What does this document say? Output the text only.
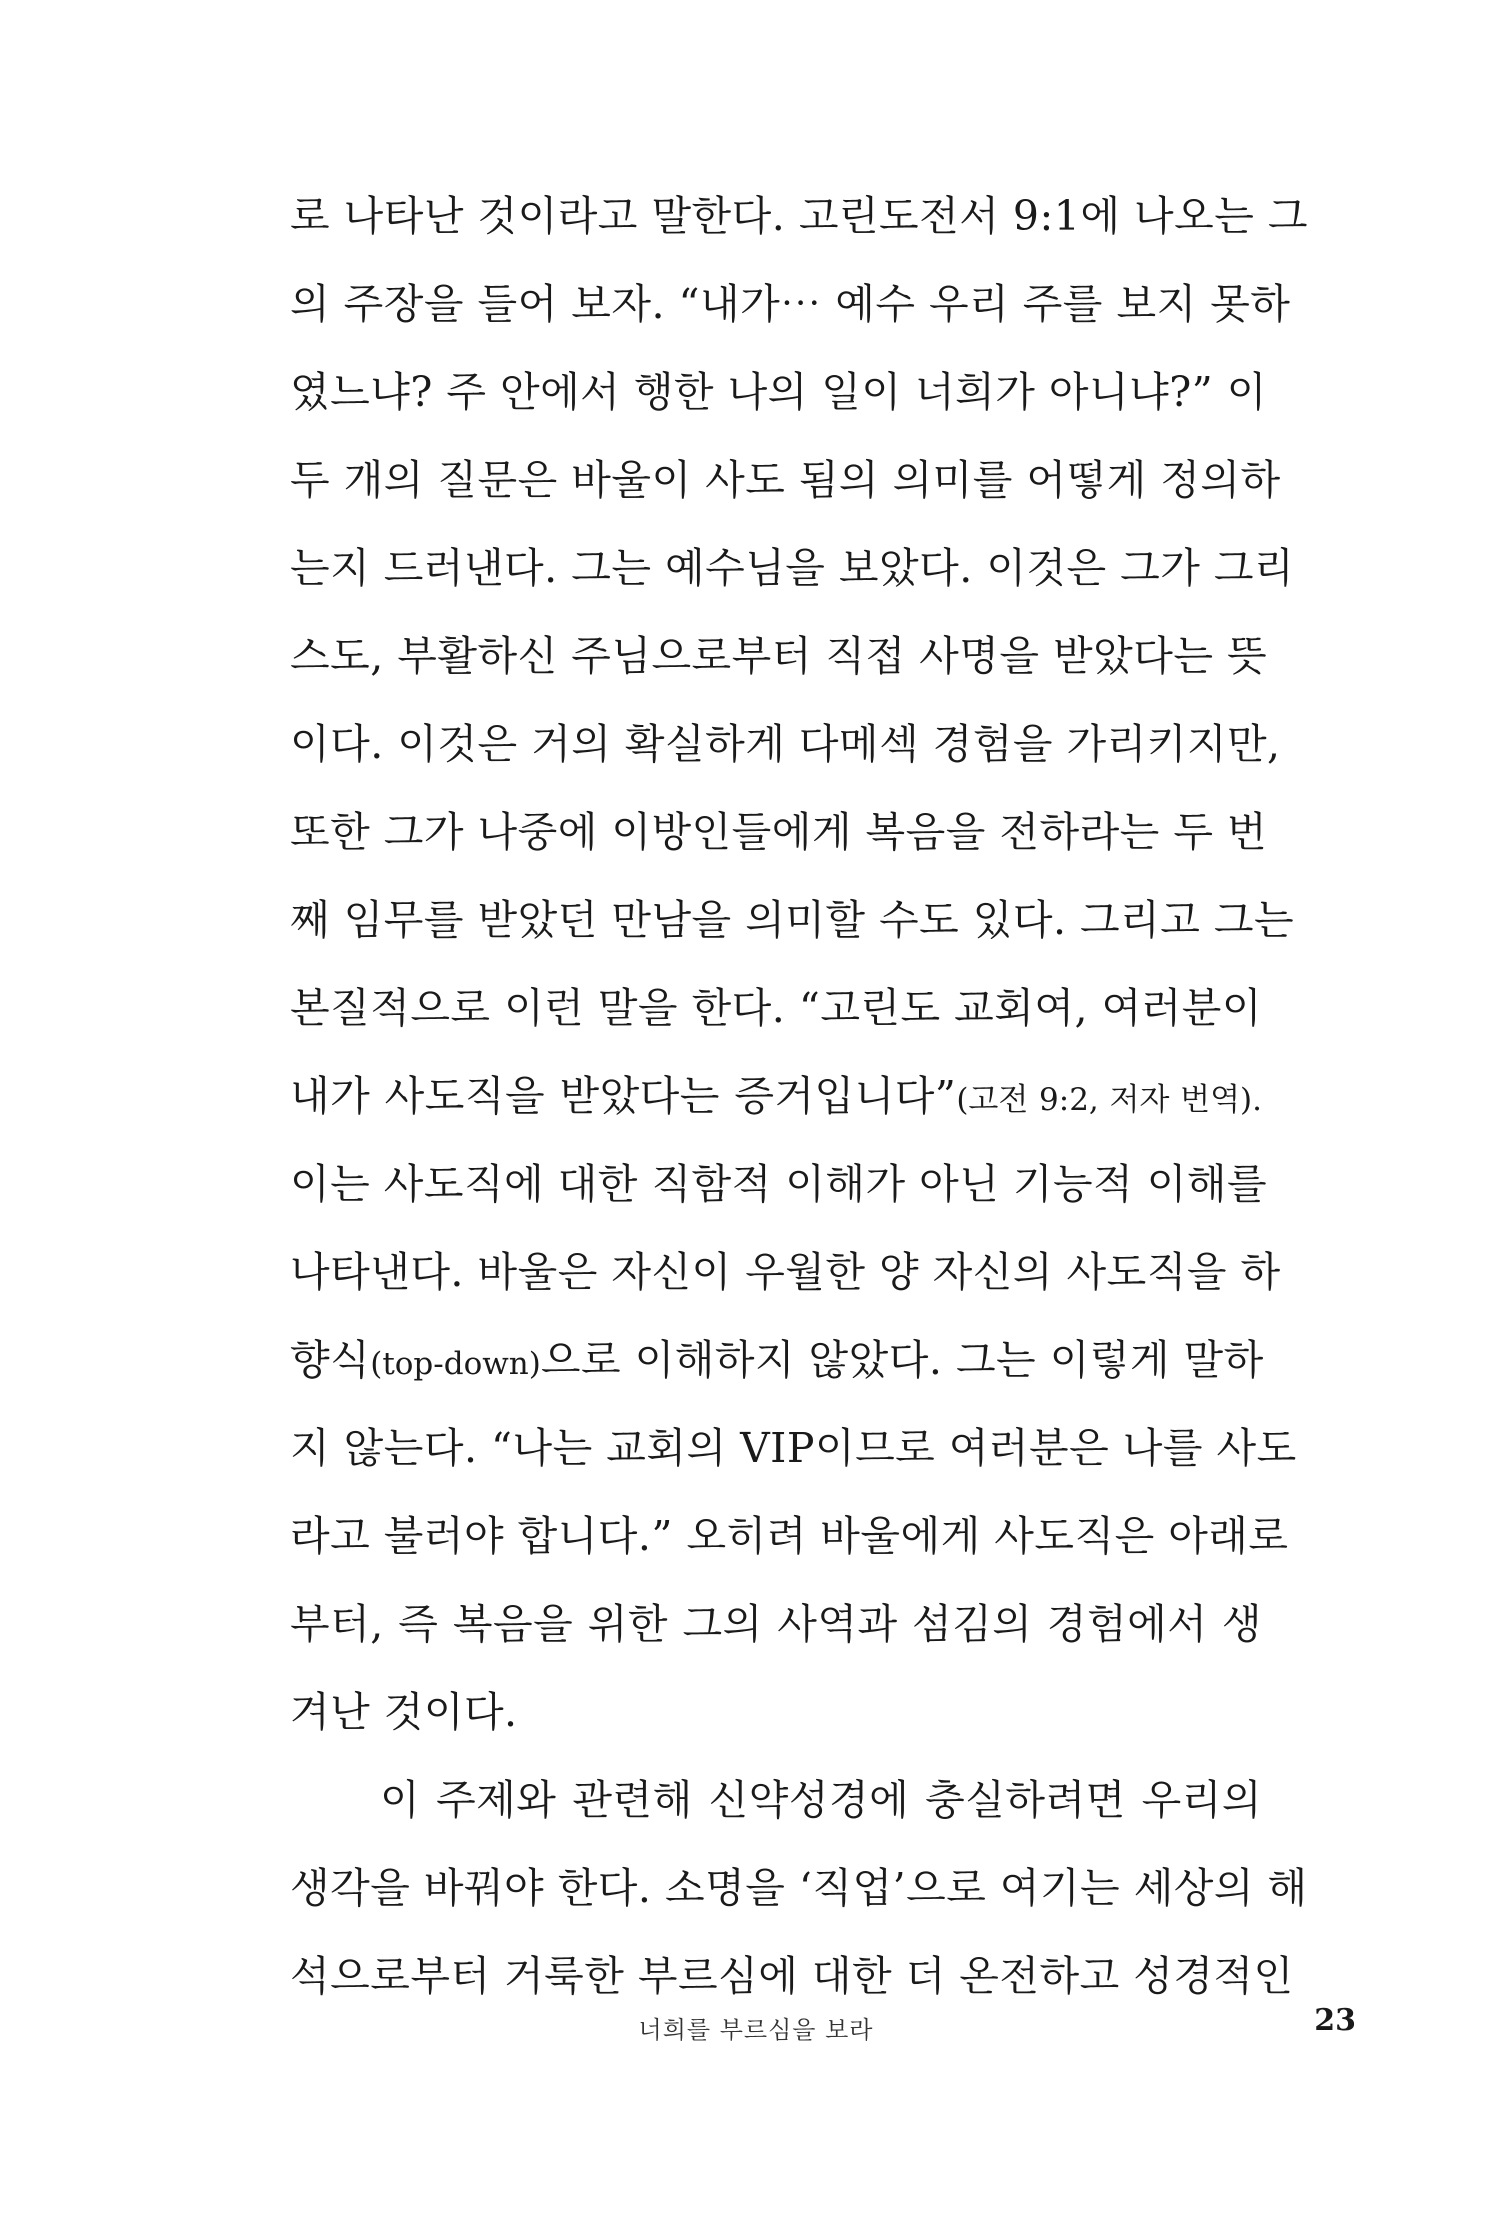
로 나타난 것이라고 말한다. 고린도전서 9:1에 나오는 그
의 주장을 들어 보자. “내가⋯ 예수 우리 주를 보지 못하
였느냐? 주 안에서 행한 나의 일이 너희가 아니냐?” 이
두 개의 질문은 바울이 사도 됨의 의미를 어떻게 정의하
는지 드러낸다. 그는 예수님을 보았다. 이것은 그가 그리
스도, 부활하신 주님으로부터 직접 사명을 받았다는 뜻
이다. 이것은 거의 확실하게 다메섹 경험을 가리키지만,
또한 그가 나중에 이방인들에게 복음을 전하라는 두 번
째 임무를 받았던 만남을 의미할 수도 있다. 그리고 그는
본질적으로 이런 말을 한다. “고린도 교회여, 여러분이
내가 사도직을 받았다는 증거입니다”(고전 9:2, 저자 번역).
이는 사도직에 대한 직함적 이해가 아닌 기능적 이해를
나타낸다. 바울은 자신이 우월한 양 자신의 사도직을 하
향식(top-down)으로 이해하지 않았다. 그는 이렇게 말하
지 않는다. “나는 교회의 VIP이므로 여러분은 나를 사도
라고 불러야 합니다.” 오히려 바울에게 사도직은 아래로
부터, 즉 복음을 위한 그의 사역과 섬김의 경험에서 생
겨난 것이다.
이 주제와 관련해 신약성경에 충실하려면 우리의
생각을 바꿔야 한다. 소명을 ‘직업’으로 여기는 세상의 해
석으로부터 거룩한 부르심에 대한 더 온전하고 성경적인
너희를 부르심을 보라	23
